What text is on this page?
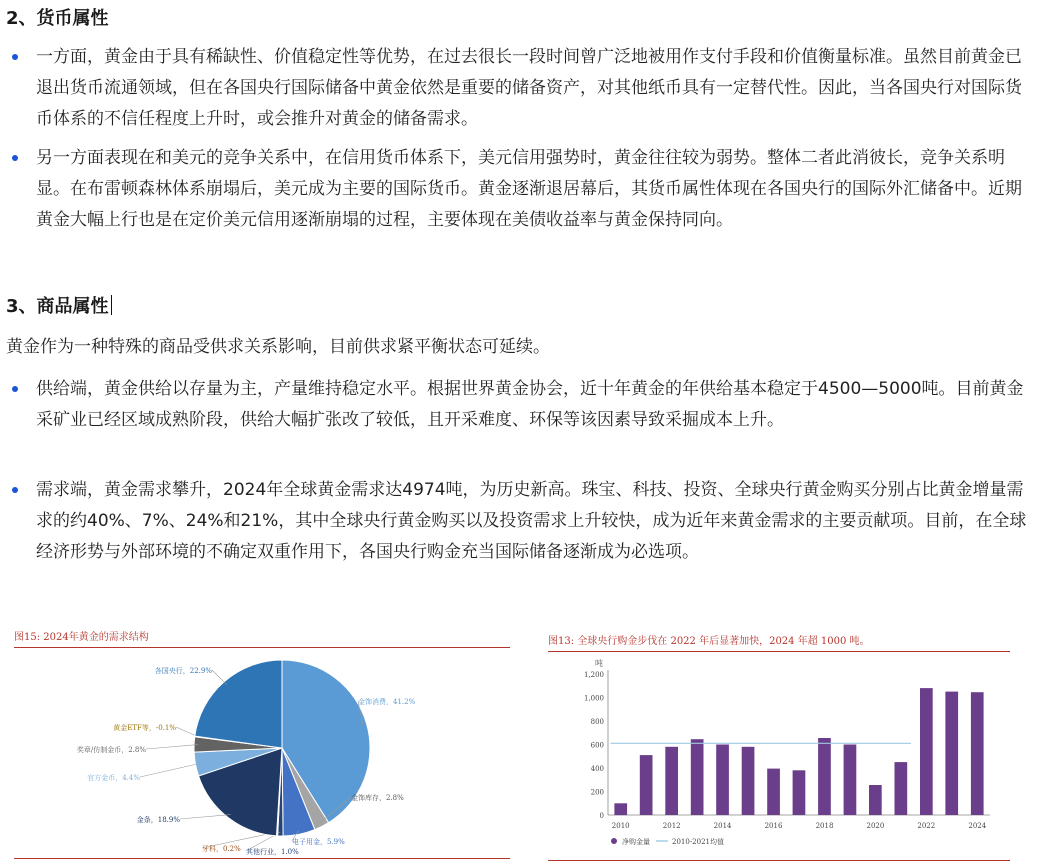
2、货币属性
一方面，黄金由于具有稀缺性、价值稳定性等优势，在过去很长一段时间曾广泛地被用作支付手段和价值衡量标准。虽然目前黄金已退出货币流通领域，但在各国央行国际储备中黄金依然是重要的储备资产，对其他纸币具有一定替代性。因此，当各国央行对国际货币体系的不信任程度上升时，或会推升对黄金的储备需求。
另一方面表现在和美元的竞争关系中，在信用货币体系下，美元信用强势时，黄金往往较为弱势。整体二者此消彼长，竞争关系明显。在布雷顿森林体系崩塌后，美元成为主要的国际货币。黄金逐渐退居幕后，其货币属性体现在各国央行的国际外汇储备中。近期黄金大幅上行也是在定价美元信用逐渐崩塌的过程，主要体现在美债收益率与黄金保持同向。
3、商品属性
黄金作为一种特殊的商品受供求关系影响，目前供求紧平衡状态可延续。
供给端，黄金供给以存量为主，产量维持稳定水平。根据世界黄金协会，近十年黄金的年供给基本稳定于4500—5000吨。目前黄金采矿业已经区域成熟阶段，供给大幅扩张改了较低，且开采难度、环保等该因素导致采掘成本上升。
需求端，黄金需求攀升，2024年全球黄金需求达4974吨，为历史新高。珠宝、科技、投资、全球央行黄金购买分别占比黄金增量需求的约40%、7%、24%和21%，其中全球央行黄金购买以及投资需求上升较快，成为近年来黄金需求的主要贡献项。目前，在全球经济形势与外部环境的不确定双重作用下，各国央行购金充当国际储备逐渐成为必选项。
图15: 2024年黄金的需求结构
金饰消费，41.2%
金饰库存，2.8%
电子用金，5.9%
其他行业，1.0%
牙科，0.2%
金条，18.9%
官方金币，4.4%
奖章/仿制金币，2.8%
黄金ETF等，-0.1%
各国央行，22.9%
图13: 全球央行购金步伐在 2022 年后显著加快，2024 年超 1000 吨。
吨
0
200
400
600
800
1,000
1,200
2010	2012	2014	2016	2018	2020	2022	2024
净购金量	2010-2021均值
